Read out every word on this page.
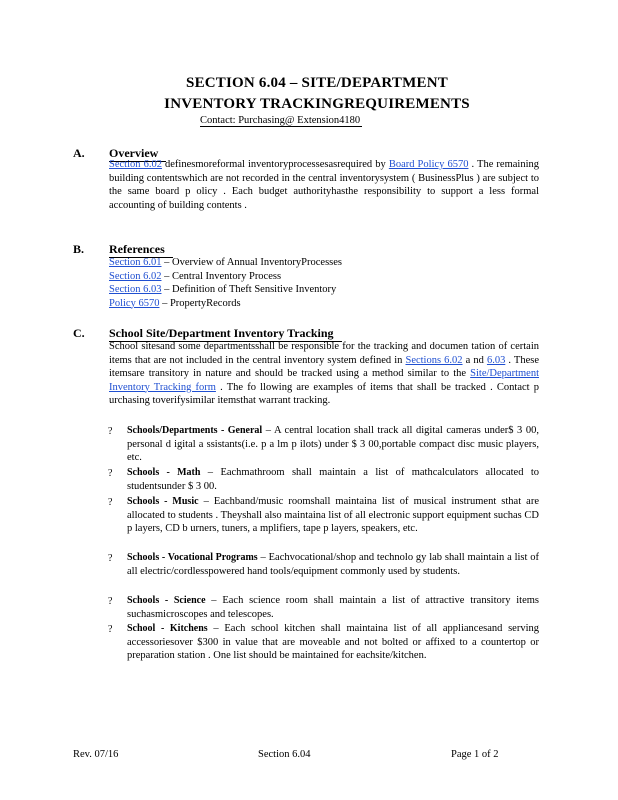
SECTION 6.04 – SITE/DEPARTMENT
INVENTORY TRACKINGREQUIREMENTS
Contact: Purchasing@ Extension4180
A. Overview
Section 6.02 definesmoreformal inventoryprocessesasrequired by Board Policy 6570 . The remaining building contentswhich are not recorded in the central inventorysystem ( BusinessPlus ) are subject to the same board p olicy . Each budget authorityhasthe responsibility to support a less formal accounting of building contents .
B. References
Section 6.01 – Overview of Annual InventoryProcesses
Section 6.02 – Central Inventory Process
Section 6.03 – Definition of Theft Sensitive Inventory
Policy 6570 – PropertyRecords
C. School Site/Department Inventory Tracking
School sitesand some departmentsshall be responsible for the tracking and documen tation of certain items that are not included in the central inventory system defined in Sections 6.02 a nd 6.03 . These itemsare transitory in nature and should be tracked using a method similar to the Site/Department Inventory Tracking form . The fo llowing are examples of items that shall be tracked . Contact p urchasing toverifysimilar itemsthat warrant tracking.
? Schools/Departments - General – A central location shall track all digital cameras under$ 3 00, personal d igital a ssistants(i.e. p a lm p ilots) under $ 3 00,portable compact disc music players, etc.
? Schools - Math – Eachmathroom shall maintain a list of mathcalculators allocated to studentsunder $ 3 00.
? Schools - Music – Eachband/music roomshall maintaina list of musical instrument sthat are allocated to students . Theyshall also maintaina list of all electronic support equipment suchas CD p layers, CD b urners, tuners, a mplifiers, tape p layers, speakers, etc.
? Schools - Vocational Programs – Eachvocational/shop and technolo gy lab shall maintain a list of all electric/cordlesspowered hand tools/equipment commonly used by students.
? Schools - Science – Each science room shall maintain a list of attractive transitory items suchasmicroscopes and telescopes.
? School - Kitchens – Each school kitchen shall maintaina list of all appliancesand serving accessoriesover $300 in value that are moveable and not bolted or affixed to a countertop or preparation station . One list should be maintained for eachsite/kitchen.
Rev. 07/16	Section 6.04	Page 1 of 2
